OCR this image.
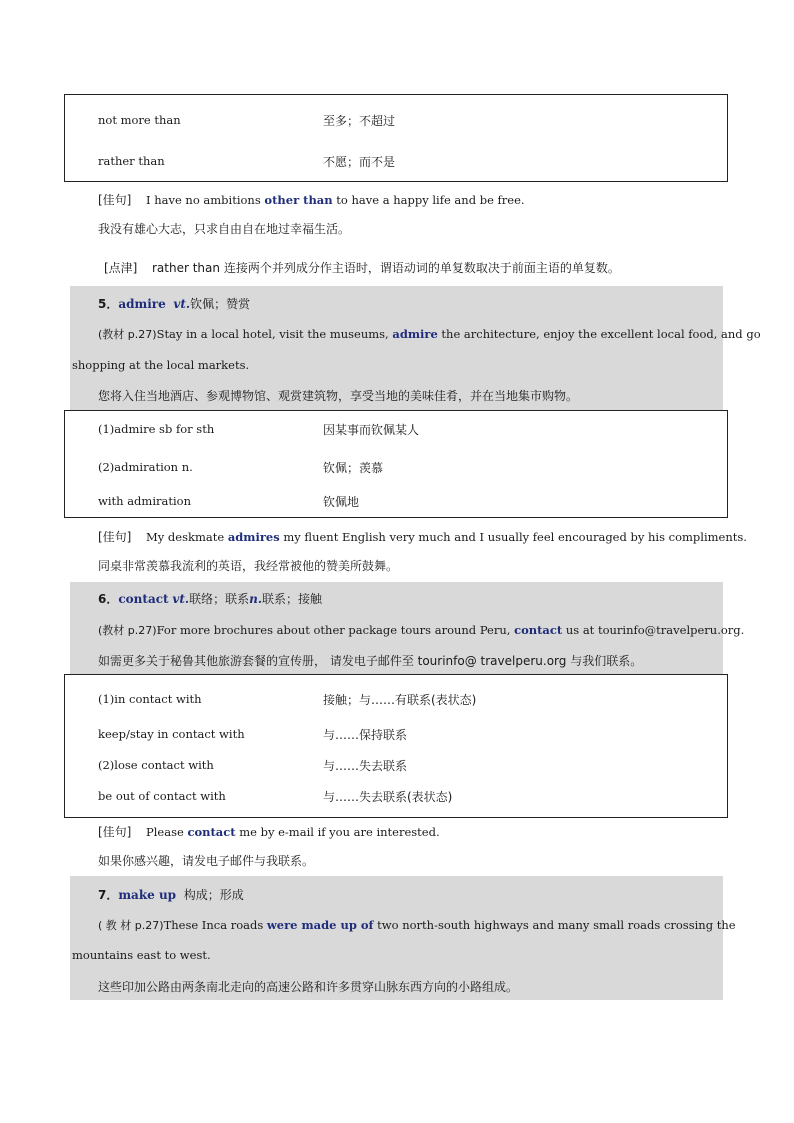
not more than	至多；不超过
rather than	不愿；而不是
[佳句] I have no ambitions other than to have a happy life and be free.
我没有雄心大志，只求自由自在地过幸福生活。
[点津] rather than 连接两个并列成分作主语时，谓语动词的单复数取决于前面主语的单复数。
5．admire vt.钦佩；赞赏
(教材 p.27)Stay in a local hotel, visit the museums, admire the architecture, enjoy the excellent local food, and go
shopping at the local markets.
您将入住当地酒店、参观博物馆、观赏建筑物，享受当地的美味佳肴，并在当地集市购物。
(1)admire sb for sth	因某事而钦佩某人
(2)admiration n.	钦佩；羡慕
with admiration	钦佩地
[佳句] My deskmate admires my fluent English very much and I usually feel encouraged by his compliments.
同桌非常羡慕我流利的英语，我经常被他的赞美所鼓舞。
6．contact vt.联络；联系n.联系；接触
(教材 p.27)For more brochures about other package tours around Peru, contact us at tourinfo@travelperu.org.
如需更多关于秘鲁其他旅游套餐的宣传册， 请发电子邮件至 tourinfo@ travelperu.org 与我们联系。
(1)in contact with	接触；与……有联系(表状态)
keep/stay in contact with	与……保持联系
(2)lose contact with	与……失去联系
be out of contact with	与……失去联系(表状态)
[佳句] Please contact me by e-mail if you are interested.
如果你感兴趣，请发电子邮件与我联系。
7．make up 构成；形成
( 教 材 p.27)These Inca roads were made up of two north-south highways and many small roads crossing the
mountains east to west.
这些印加公路由两条南北走向的高速公路和许多贯穿山脉东西方向的小路组成。
